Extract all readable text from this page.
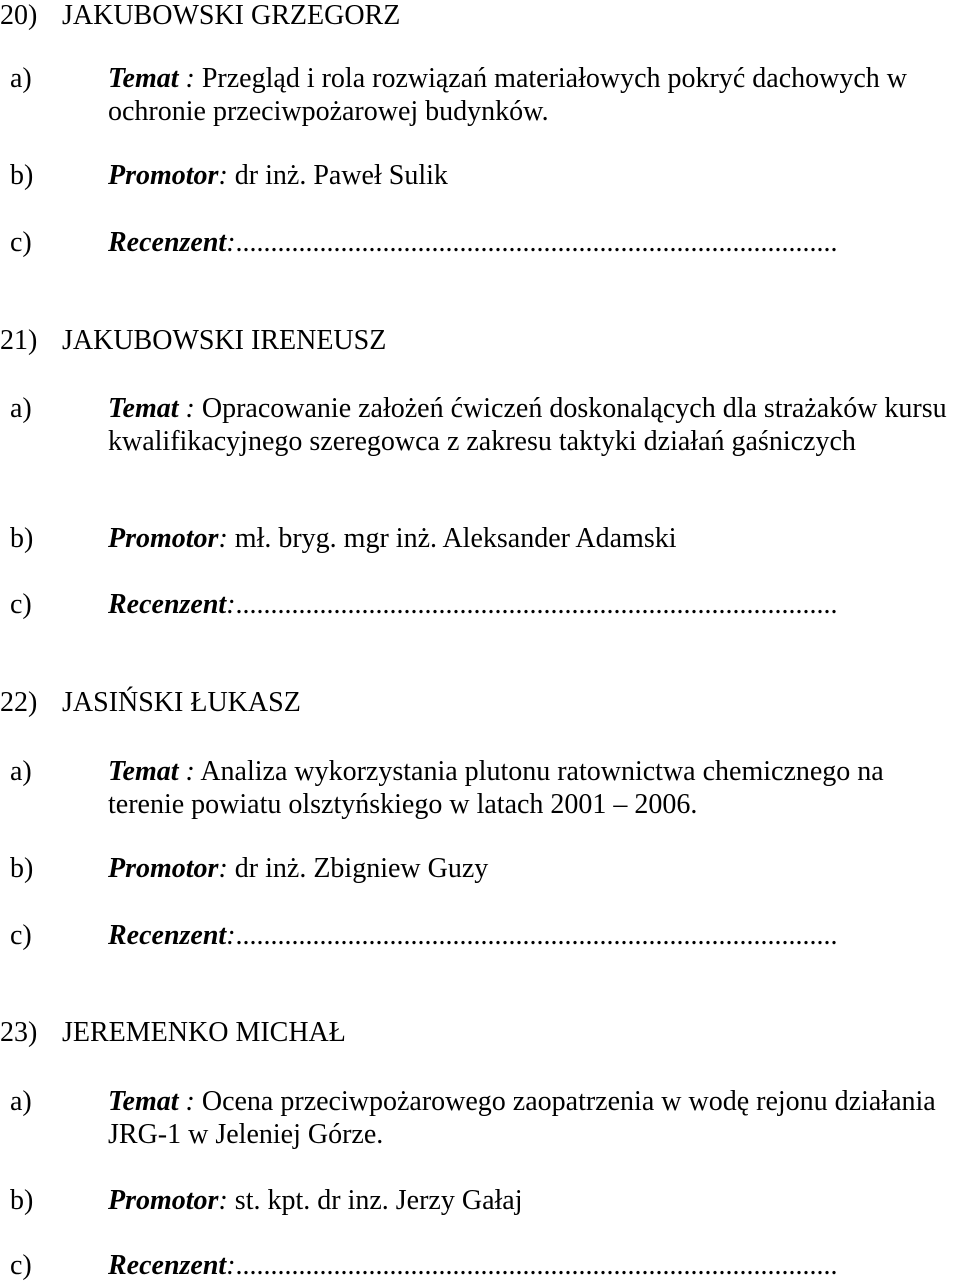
20) JAKUBOWSKI GRZEGORZ
a)	Temat : Przegląd i rola rozwiązań materiałowych pokryć dachowych w ochronie przeciwpożarowej budynków.
b)	Promotor: dr inż. Paweł Sulik
c)	Recenzent:......................................................................................
21) JAKUBOWSKI IRENEUSZ
a)	Temat : Opracowanie założeń ćwiczeń doskonalących dla strażaków kursu kwalifikacyjnego szeregowca z zakresu taktyki działań gaśniczych
b)	Promotor: mł. bryg. mgr inż. Aleksander Adamski
c)	Recenzent:......................................................................................
22) JASIŃSKI ŁUKASZ
a)	Temat : Analiza wykorzystania plutonu ratownictwa chemicznego na terenie powiatu olsztyńskiego w latach 2001 – 2006.
b)	Promotor: dr inż. Zbigniew Guzy
c)	Recenzent:......................................................................................
23) JEREMENKO MICHAŁ
a)	Temat : Ocena przeciwpożarowego zaopatrzenia w wodę rejonu działania JRG-1 w Jeleniej Górze.
b)	Promotor: st. kpt. dr inz. Jerzy Gałaj
c)	Recenzent:......................................................................................
